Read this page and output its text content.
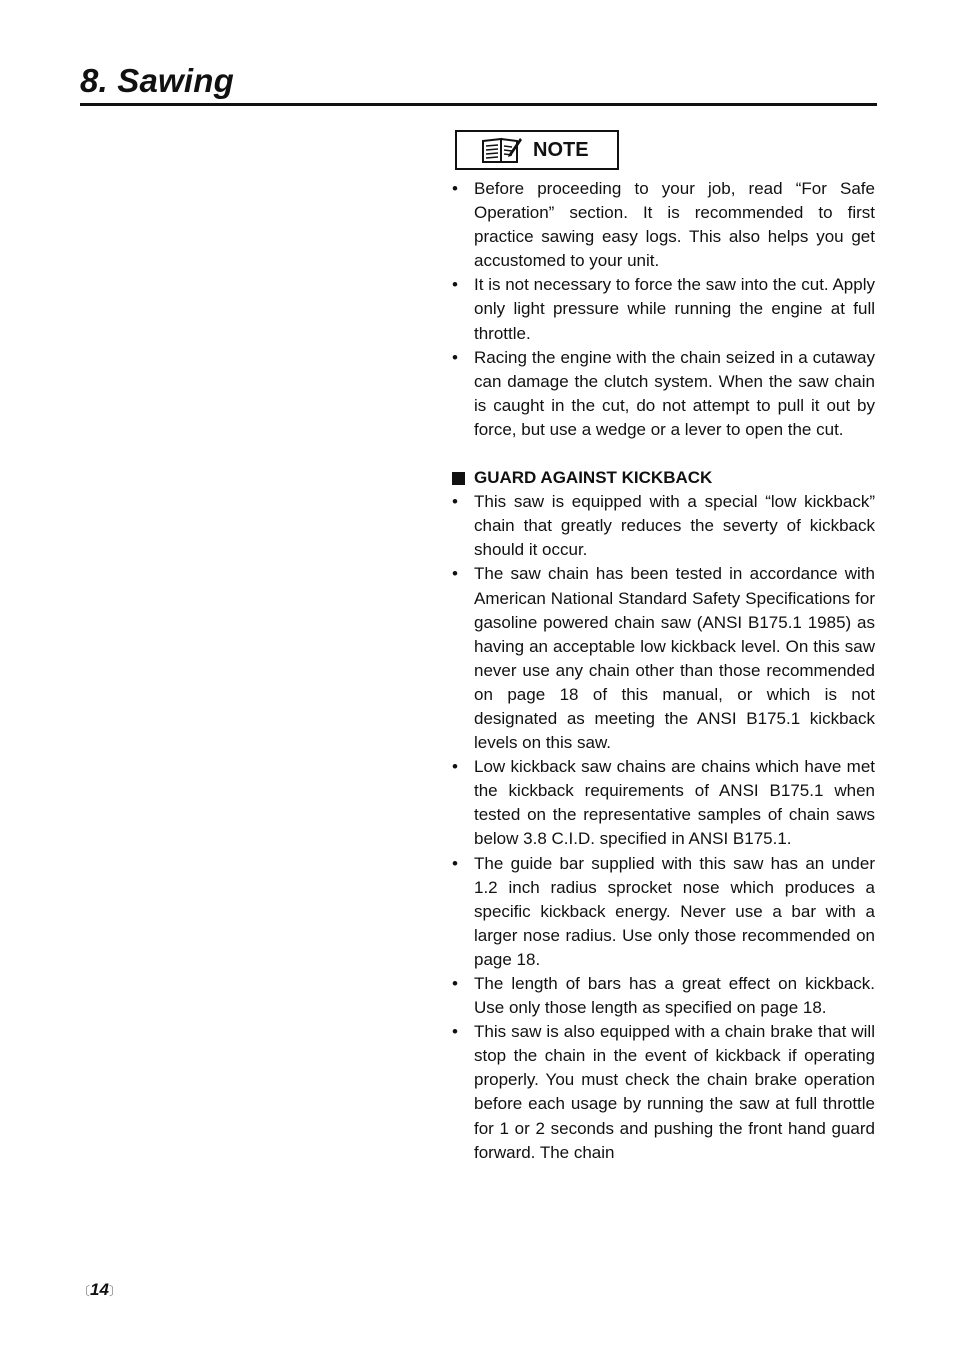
8. Sawing
NOTE
• Before proceeding to your job, read “For Safe Operation” section. It is recommended to first practice sawing easy logs. This also helps you get accustomed to your unit.
• It is not necessary to force the saw into the cut. Apply only light pressure while running the engine at full throttle.
• Racing the engine with the chain seized in a cutaway can damage the clutch system. When the saw chain is caught in the cut, do not attempt to pull it out by force, but use a wedge or a lever to open the cut.
GUARD AGAINST KICKBACK
• This saw is equipped with a special “low kickback” chain that greatly reduces the severty of kickback should it occur.
• The saw chain has been tested in accordance with American National Standard Safety Specifications for gasoline powered chain saw (ANSI B175.1 1985) as having an acceptable low kickback level. On this saw never use any chain other than those recommended on page 18 of this manual, or which is not designated as meeting the ANSI B175.1 kickback levels on this saw.
• Low kickback saw chains are chains which have met the kickback requirements of ANSI B175.1 when tested on the representative samples of chain saws below 3.8 C.I.D. specified in ANSI B175.1.
• The guide bar supplied with this saw has an under 1.2 inch radius sprocket nose which produces a specific kickback energy. Never use a bar with a larger nose radius. Use only those recommended on page 18.
• The length of bars has a great effect on kickback. Use only those length as specified on page 18.
• This saw is also equipped with a chain brake that will stop the chain in the event of kickback if operating properly. You must check the chain brake operation before each usage by running the saw at full throttle for 1 or 2 seconds and pushing the front hand guard forward. The chain
〔14〕
